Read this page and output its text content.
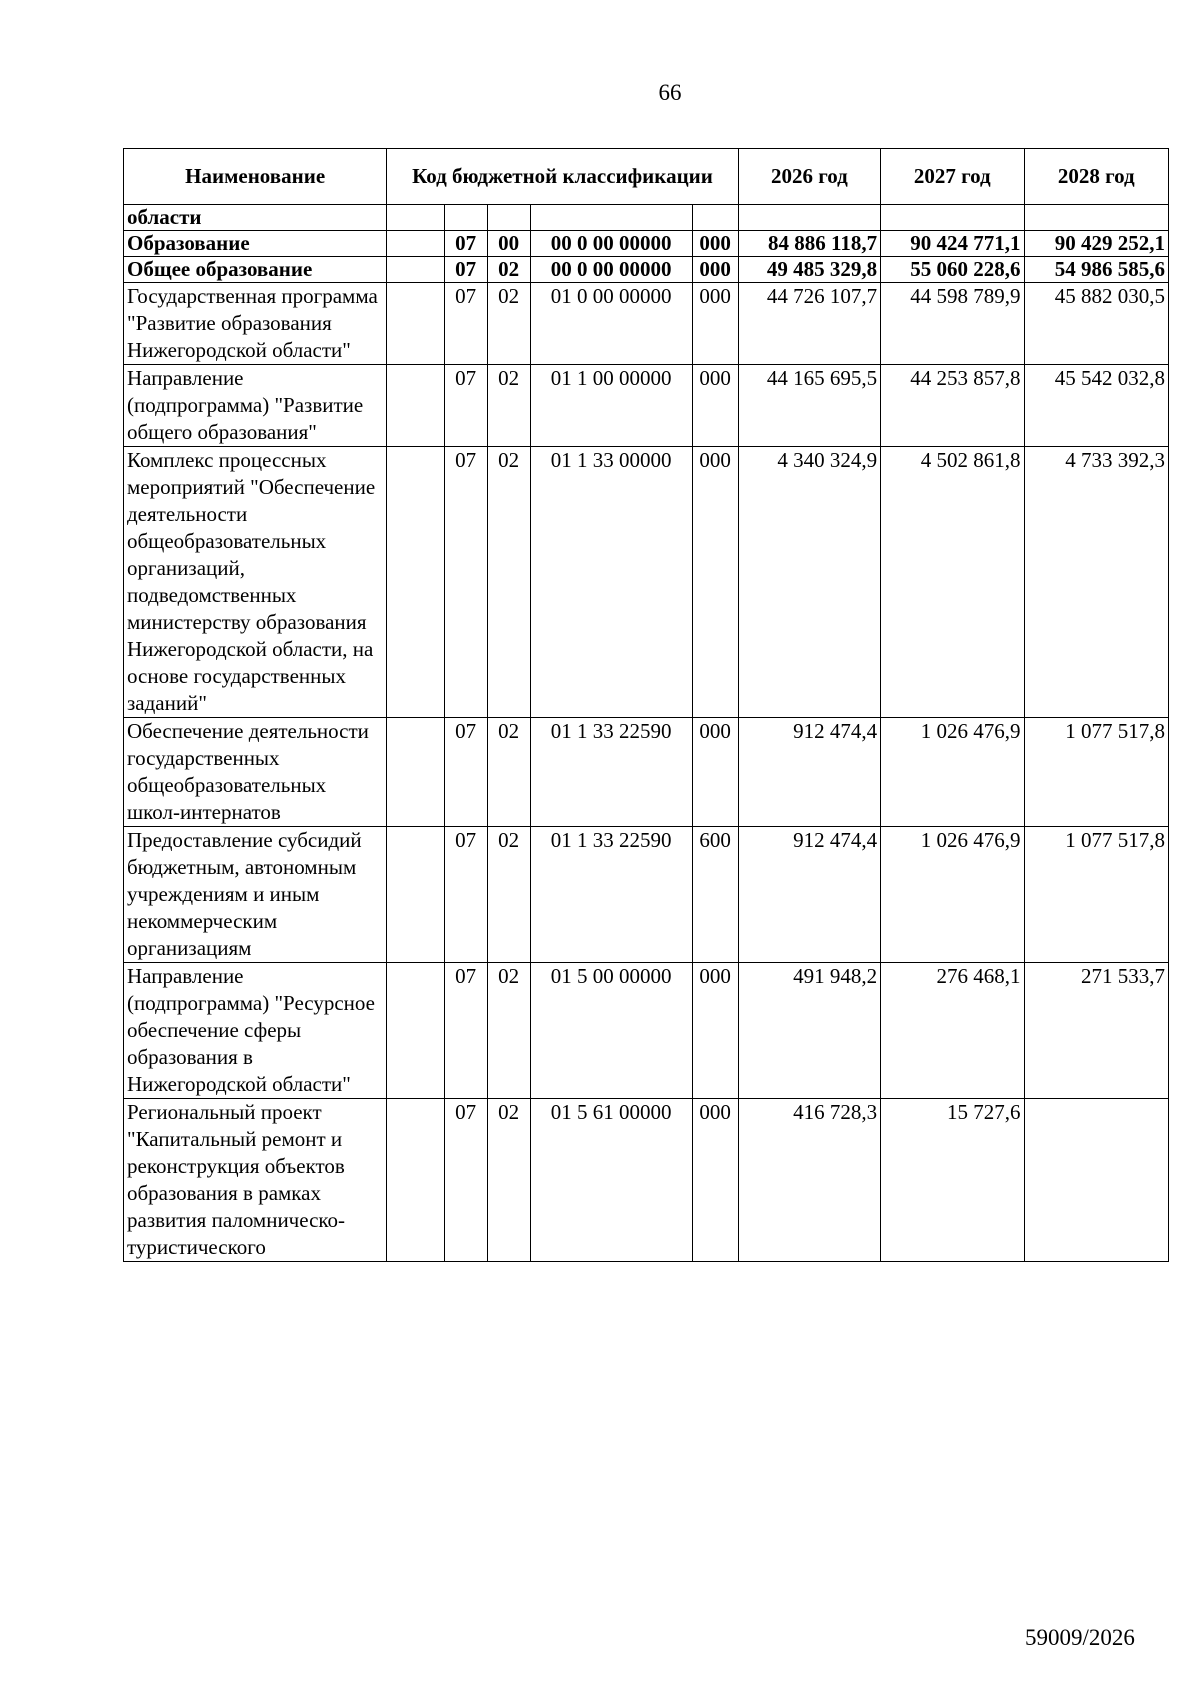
66
Наименование	Код бюджетной классификации					2026 год	2027 год	2028 год
области								
Образование		07	00	00 0 00 00000	000	84 886 118,7	90 424 771,1	90 429 252,1
Общее образование		07	02	00 0 00 00000	000	49 485 329,8	55 060 228,6	54 986 585,6
Государственная программа "Развитие образования Нижегородской области"		07	02	01 0 00 00000	000	44 726 107,7	44 598 789,9	45 882 030,5
Направление (подпрограмма) "Развитие общего образования"		07	02	01 1 00 00000	000	44 165 695,5	44 253 857,8	45 542 032,8
Комплекс процессных мероприятий "Обеспечение деятельности общеобразовательных организаций, подведомственных министерству образования Нижегородской области, на основе государственных заданий"		07	02	01 1 33 00000	000	4 340 324,9	4 502 861,8	4 733 392,3
Обеспечение деятельности государственных общеобразовательных школ-интернатов		07	02	01 1 33 22590	000	912 474,4	1 026 476,9	1 077 517,8
Предоставление субсидий бюджетным, автономным учреждениям и иным некоммерческим организациям		07	02	01 1 33 22590	600	912 474,4	1 026 476,9	1 077 517,8
Направление (подпрограмма) "Ресурсное обеспечение сферы образования в Нижегородской области"		07	02	01 5 00 00000	000	491 948,2	276 468,1	271 533,7
Региональный проект "Капитальный ремонт и реконструкция объектов образования в рамках развития паломническо-туристического		07	02	01 5 61 00000	000	416 728,3	15 727,6	
59009/2026
